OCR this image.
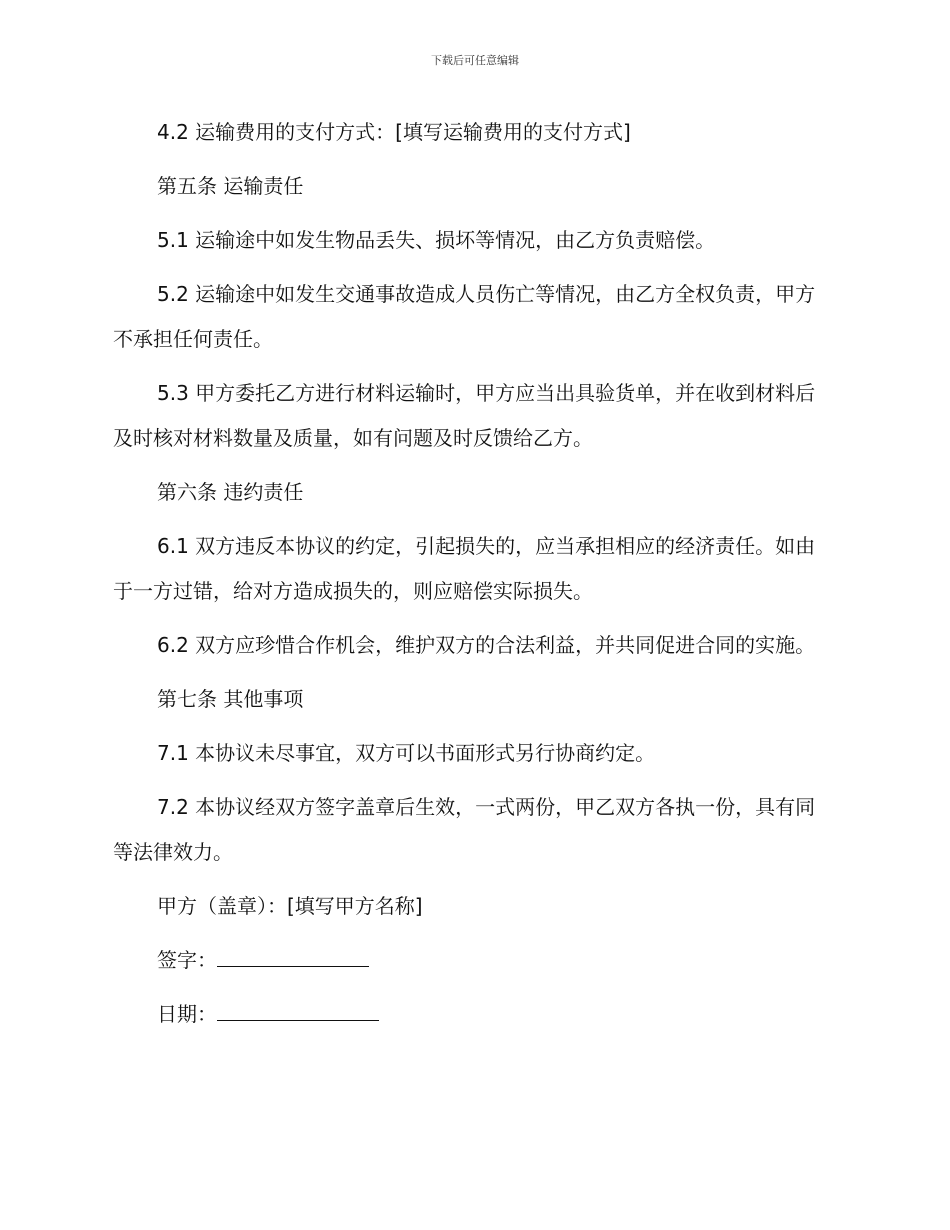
下载后可任意编辑

4.2 运输费用的支付方式：[填写运输费用的支付方式]

第五条 运输责任

5.1 运输途中如发生物品丢失、损坏等情况，由乙方负责赔偿。

5.2 运输途中如发生交通事故造成人员伤亡等情况，由乙方全权负责，甲方不承担任何责任。

5.3 甲方委托乙方进行材料运输时，甲方应当出具验货单，并在收到材料后及时核对材料数量及质量，如有问题及时反馈给乙方。

第六条 违约责任

6.1 双方违反本协议的约定，引起损失的，应当承担相应的经济责任。如由于一方过错，给对方造成损失的，则应赔偿实际损失。

6.2 双方应珍惜合作机会，维护双方的合法利益，并共同促进合同的实施。

第七条 其他事项

7.1 本协议未尽事宜，双方可以书面形式另行协商约定。

7.2 本协议经双方签字盖章后生效，一式两份，甲乙双方各执一份，具有同等法律效力。

甲方（盖章）：[填写甲方名称]

签字：

日期：
